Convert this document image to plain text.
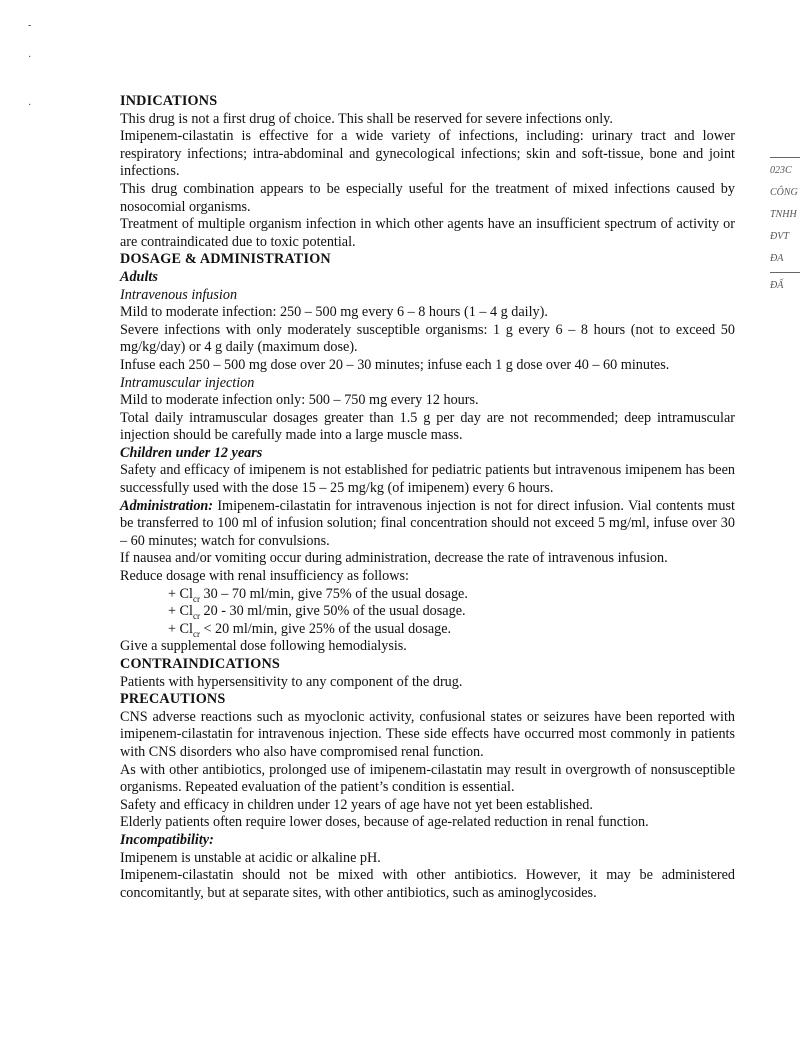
-
·
·
023C
CÔNG
TNHH
ĐVT
ĐA
ĐẤ
INDICATIONS

This drug is not a first drug of choice. This shall be reserved for severe infections only.

Imipenem-cilastatin is effective for a wide variety of infections, including: urinary tract and lower respiratory infections; intra-abdominal and gynecological infections; skin and soft-tissue, bone and joint infections.

This drug combination appears to be especially useful for the treatment of mixed infections caused by nosocomial organisms.

Treatment of multiple organism infection in which other agents have an insufficient spectrum of activity or are contraindicated due to toxic potential.

DOSAGE & ADMINISTRATION
Adults
Intravenous infusion

Mild to moderate infection: 250 – 500 mg every 6 – 8 hours (1 – 4 g daily).

Severe infections with only moderately susceptible organisms: 1 g every 6 – 8 hours (not to exceed 50 mg/kg/day) or 4 g daily (maximum dose).

Infuse each 250 – 500 mg dose over 20 – 30 minutes; infuse each 1 g dose over 40 – 60 minutes.

Intramuscular injection

Mild to moderate infection only: 500 – 750 mg every 12 hours.

Total daily intramuscular dosages greater than 1.5 g per day are not recommended; deep intramuscular injection should be carefully made into a large muscle mass.

Children under 12 years

Safety and efficacy of imipenem is not established for pediatric patients but intravenous imipenem has been successfully used with the dose 15 – 25 mg/kg (of imipenem) every 6 hours.

Administration: Imipenem-cilastatin for intravenous injection is not for direct infusion. Vial contents must be transferred to 100 ml of infusion solution; final concentration should not exceed 5 mg/ml, infuse over 30 – 60 minutes; watch for convulsions.

If nausea and/or vomiting occur during administration, decrease the rate of intravenous infusion.

Reduce dosage with renal insufficiency as follows:

+ $Cl_{cr}$ 30 – 70 ml/min, give 75% of the usual dosage.

+ $Cl_{cr}$ 20 - 30 ml/min, give 50% of the usual dosage.

+ $Cl_{cr} < 20$ ml/min, give 25% of the usual dosage.

Give a supplemental dose following hemodialysis.

CONTRAINDICATIONS

Patients with hypersensitivity to any component of the drug.

PRECAUTIONS

CNS adverse reactions such as myoclonic activity, confusional states or seizures have been reported with imipenem-cilastatin for intravenous injection. These side effects have occurred most commonly in patients with CNS disorders who also have compromised renal function.

As with other antibiotics, prolonged use of imipenem-cilastatin may result in overgrowth of nonsusceptible organisms. Repeated evaluation of the patient’s condition is essential.

Safety and efficacy in children under 12 years of age have not yet been established.

Elderly patients often require lower doses, because of age-related reduction in renal function.

Incompatibility:

Imipenem is unstable at acidic or alkaline pH.

Imipenem-cilastatin should not be mixed with other antibiotics. However, it may be administered concomitantly, but at separate sites, with other antibiotics, such as aminoglycosides.
